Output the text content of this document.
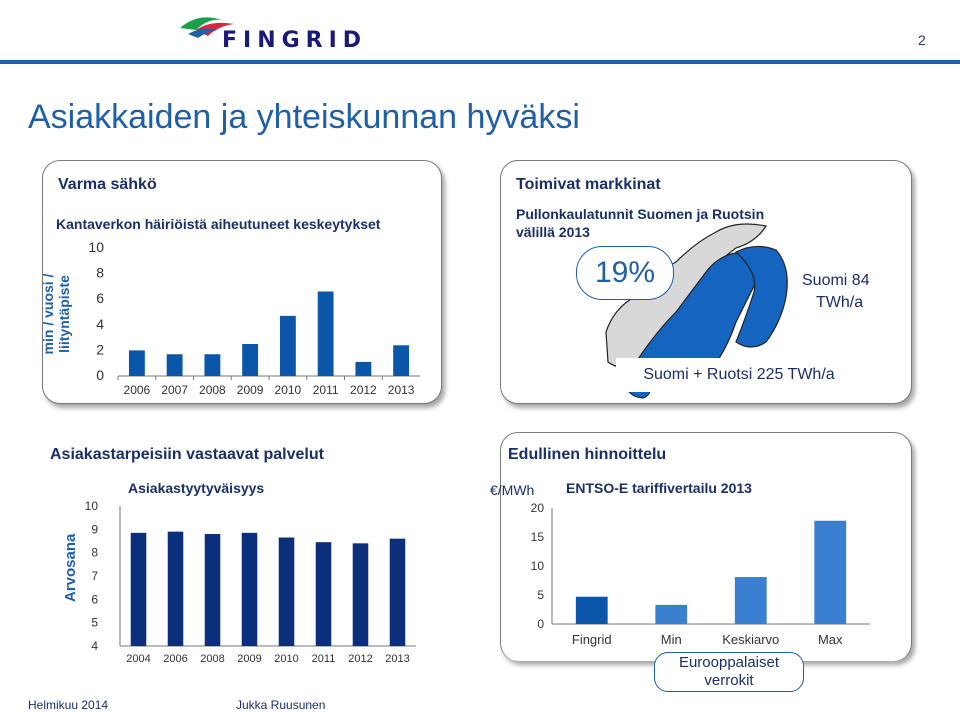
FINGRID	2
Asiakkaiden ja yhteiskunnan hyväksi
Varma sähkö
Kantaverkon häiriöistä aiheutuneet keskeytykset
min / vuosi / liityntäpiste
0
2
4
6
8
10
2006 2007 2008 2009 2010 2011 2012 2013
Toimivat markkinat
Pullonkaulatunnit Suomen ja Ruotsin
välillä 2013
19%	Suomi 84
TWh/a
Suomi + Ruotsi 225 TWh/a
Asiakastarpeisiin vastaavat palvelut
Asiakastyytyväisyys
Arvosana
4
5
6
7
8
9
10
2004 2006 2008 2009 2010 2011 2012 2013
Edullinen hinnoittelu
€/MWh ENTSO-E tariffivertailu 2013
0
5
10
15
20
Fingrid	Min	Keskiarvo	Max
Eurooppalaiset
verrokit
Helmikuu 2014	Jukka Ruusunen
